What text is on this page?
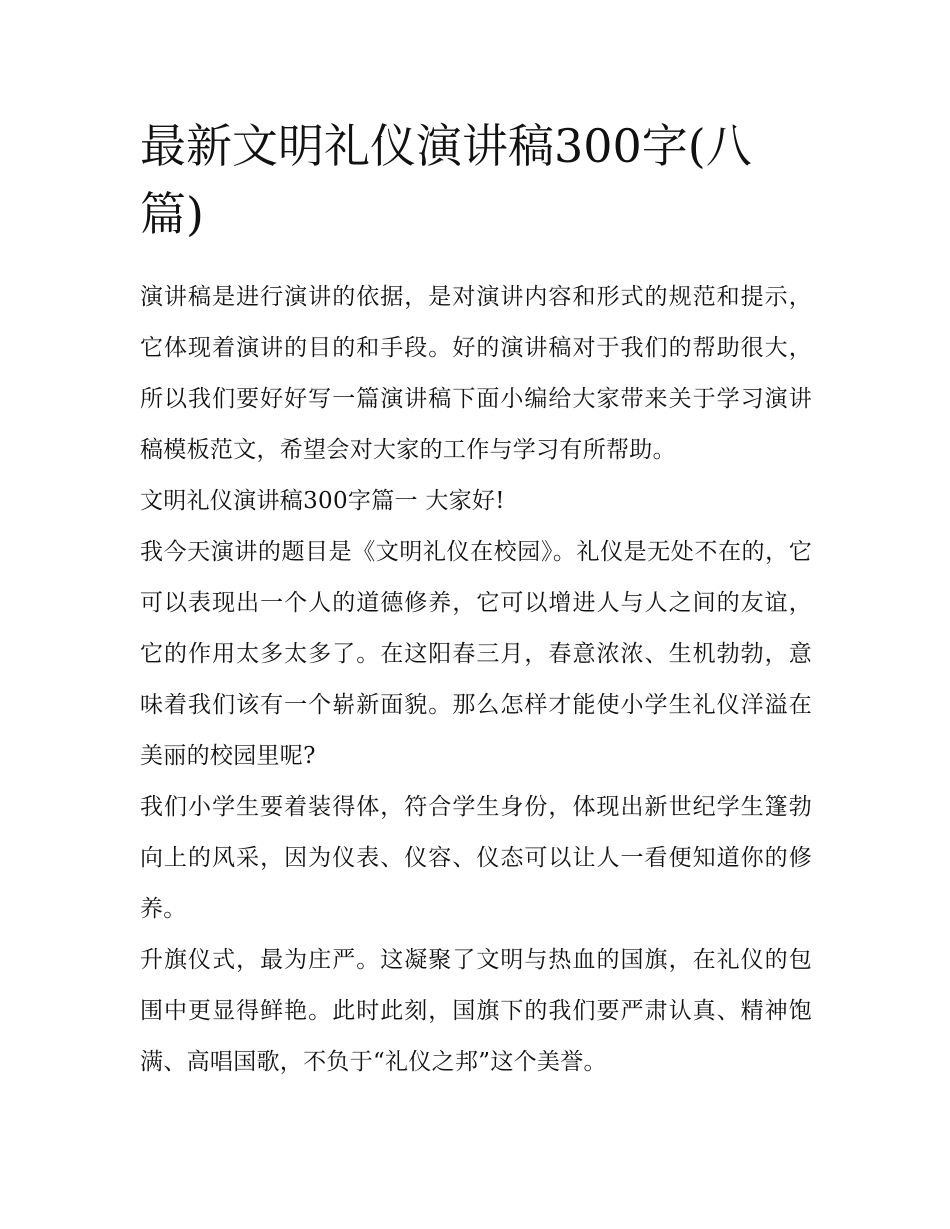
最新文明礼仪演讲稿300字(八篇)

演讲稿是进行演讲的依据，是对演讲内容和形式的规范和提示，它体现着演讲的目的和手段。好的演讲稿对于我们的帮助很大，所以我们要好好写一篇演讲稿下面小编给大家带来关于学习演讲稿模板范文，希望会对大家的工作与学习有所帮助。

文明礼仪演讲稿300字篇一 大家好!

我今天演讲的题目是《文明礼仪在校园》。礼仪是无处不在的，它可以表现出一个人的道德修养，它可以增进人与人之间的友谊，它的作用太多太多了。在这阳春三月，春意浓浓、生机勃勃，意味着我们该有一个崭新面貌。那么怎样才能使小学生礼仪洋溢在美丽的校园里呢?

我们小学生要着装得体，符合学生身份，体现出新世纪学生篷勃向上的风采，因为仪表、仪容、仪态可以让人一看便知道你的修养。

升旗仪式，最为庄严。这凝聚了文明与热血的国旗，在礼仪的包围中更显得鲜艳。此时此刻，国旗下的我们要严肃认真、精神饱满、高唱国歌，不负于“礼仪之邦”这个美誉。
